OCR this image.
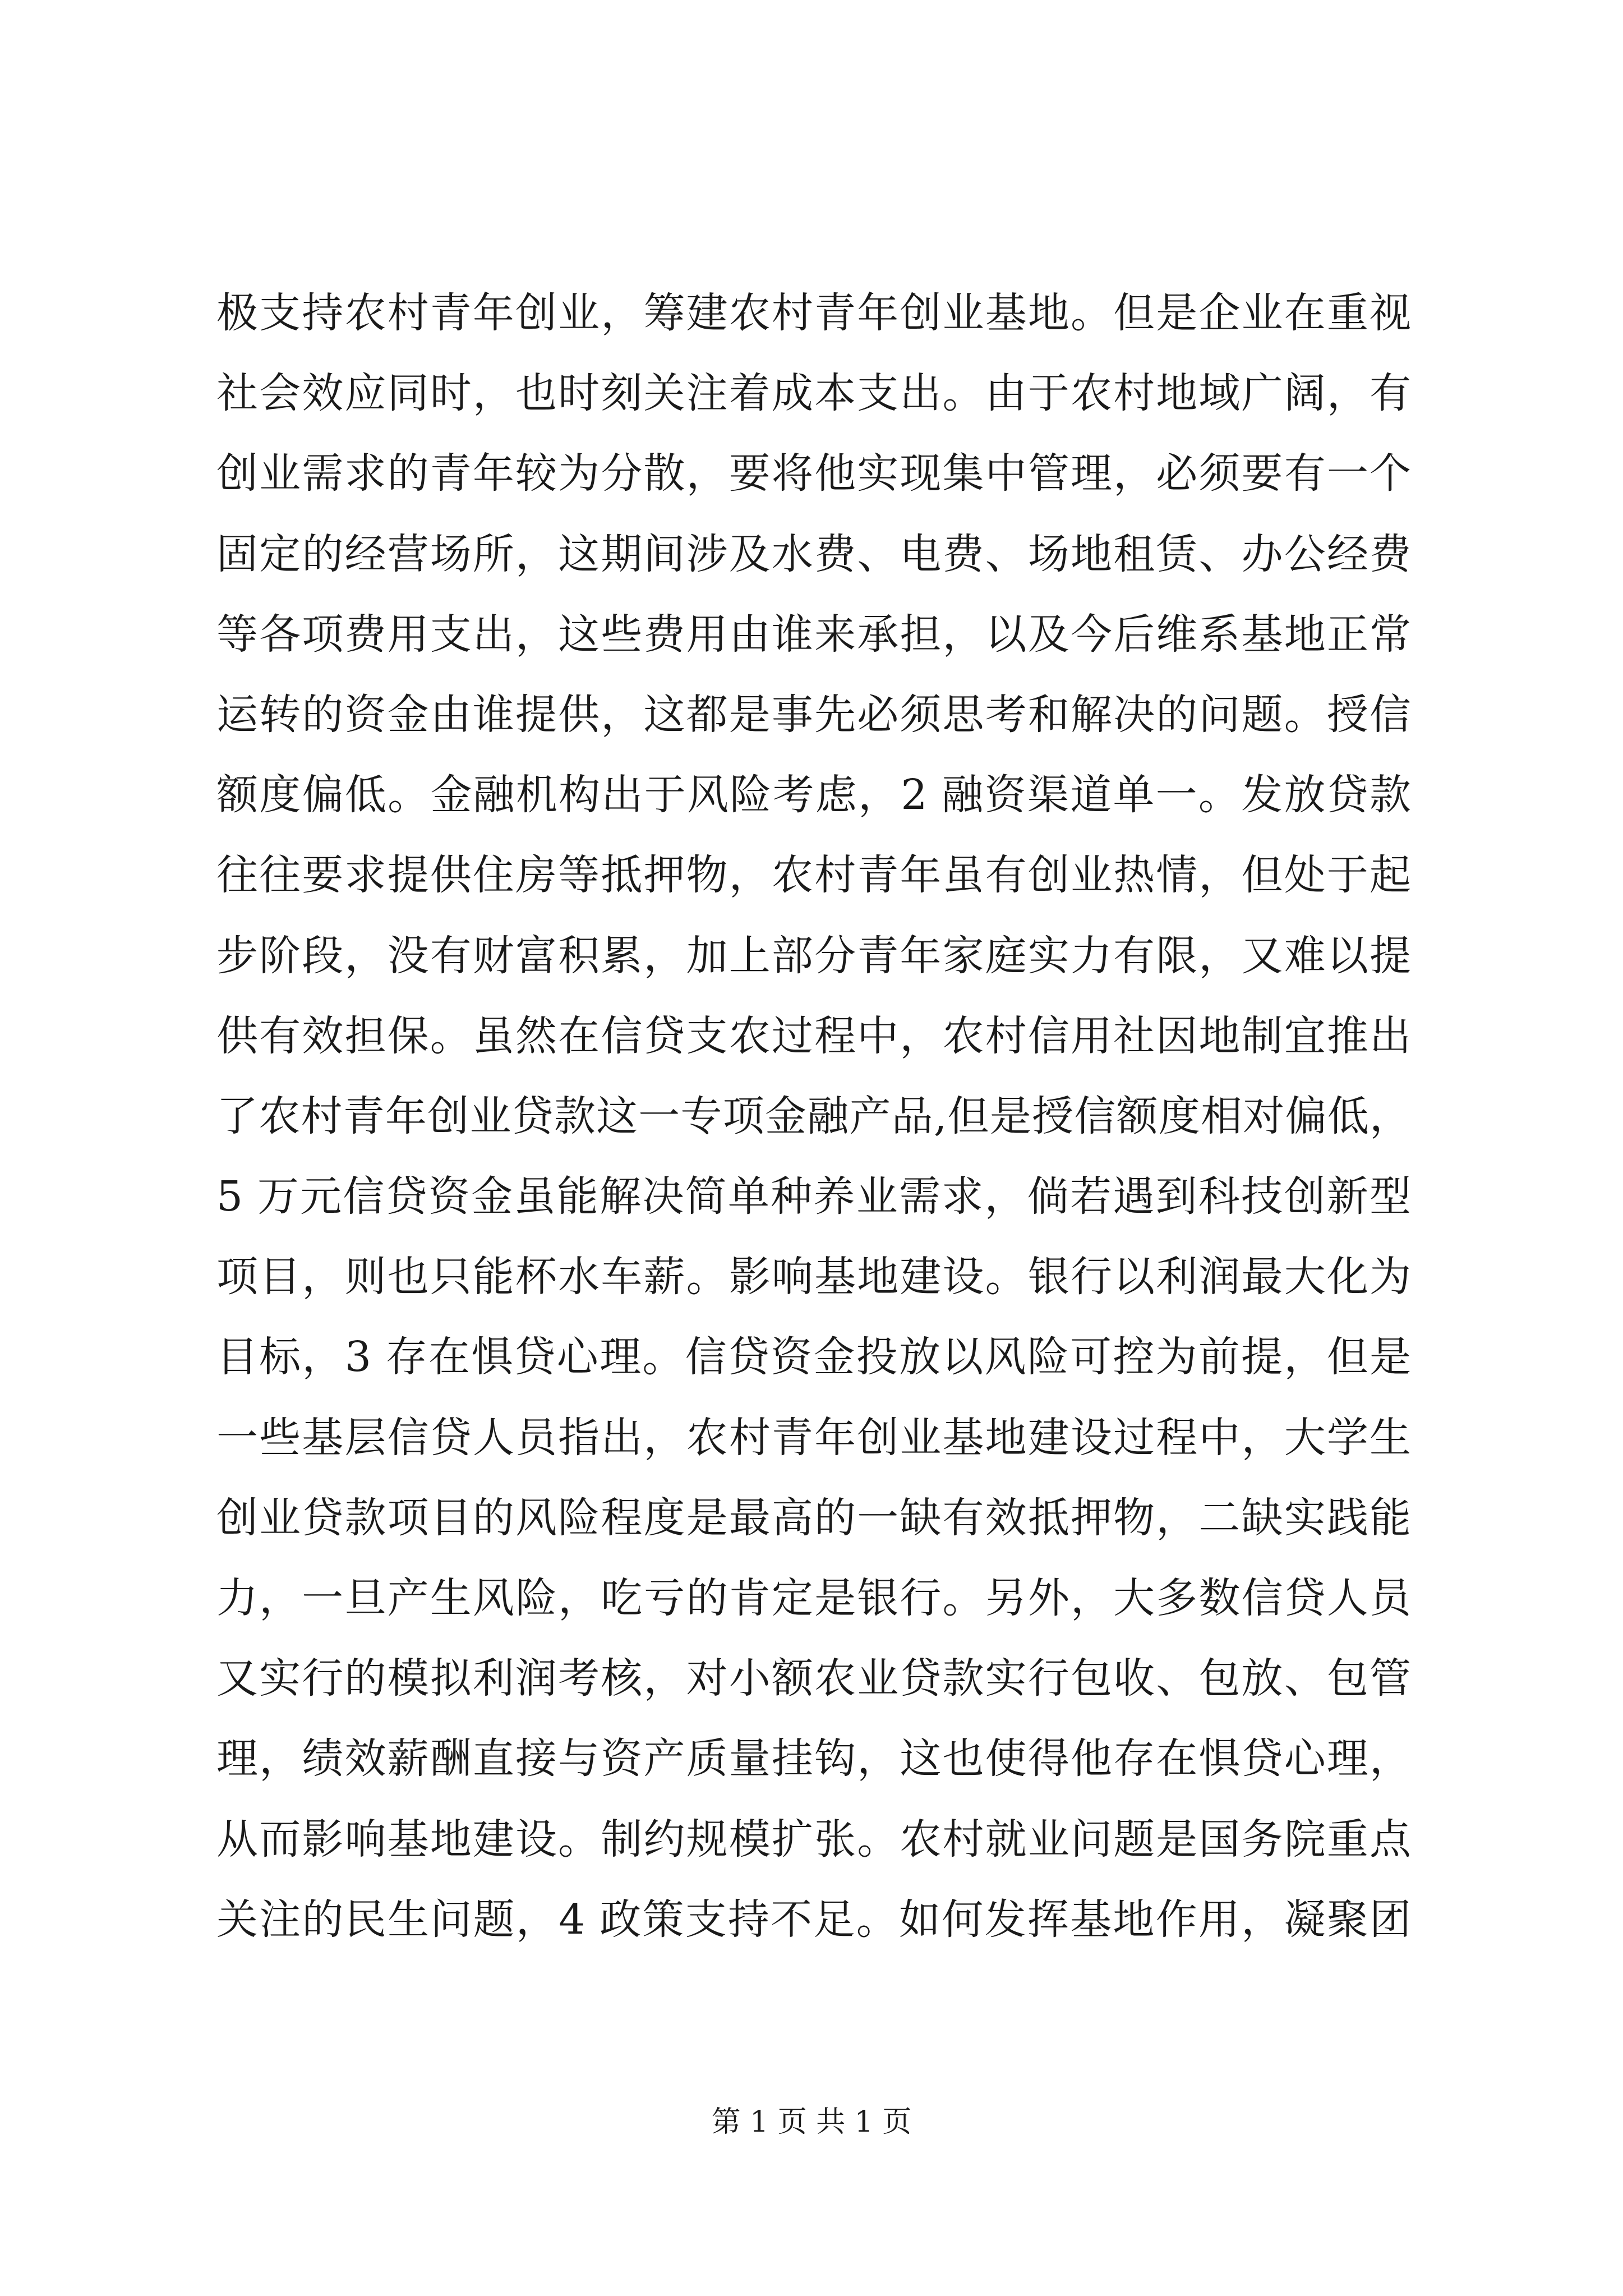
极支持农村青年创业，筹建农村青年创业基地。但是企业在重视
社会效应同时，也时刻关注着成本支出。由于农村地域广阔，有
创业需求的青年较为分散，要将他实现集中管理，必须要有一个
固定的经营场所，这期间涉及水费、电费、场地租赁、办公经费
等各项费用支出，这些费用由谁来承担，以及今后维系基地正常
运转的资金由谁提供，这都是事先必须思考和解决的问题。授信
额度偏低。金融机构出于风险考虑，2 融资渠道单一。发放贷款
往往要求提供住房等抵押物，农村青年虽有创业热情，但处于起
步阶段，没有财富积累，加上部分青年家庭实力有限，又难以提
供有效担保。虽然在信贷支农过程中，农村信用社因地制宜推出
了农村青年创业贷款这一专项金融产品,但是授信额度相对偏低，
5 万元信贷资金虽能解决简单种养业需求，倘若遇到科技创新型
项目，则也只能杯水车薪。影响基地建设。银行以利润最大化为
目标，3 存在惧贷心理。信贷资金投放以风险可控为前提，但是
一些基层信贷人员指出，农村青年创业基地建设过程中，大学生
创业贷款项目的风险程度是最高的一缺有效抵押物，二缺实践能
力，一旦产生风险，吃亏的肯定是银行。另外，大多数信贷人员
又实行的模拟利润考核，对小额农业贷款实行包收、包放、包管
理，绩效薪酬直接与资产质量挂钩，这也使得他存在惧贷心理，
从而影响基地建设。制约规模扩张。农村就业问题是国务院重点
关注的民生问题，4 政策支持不足。如何发挥基地作用，凝聚团
第 1 页 共 1 页
